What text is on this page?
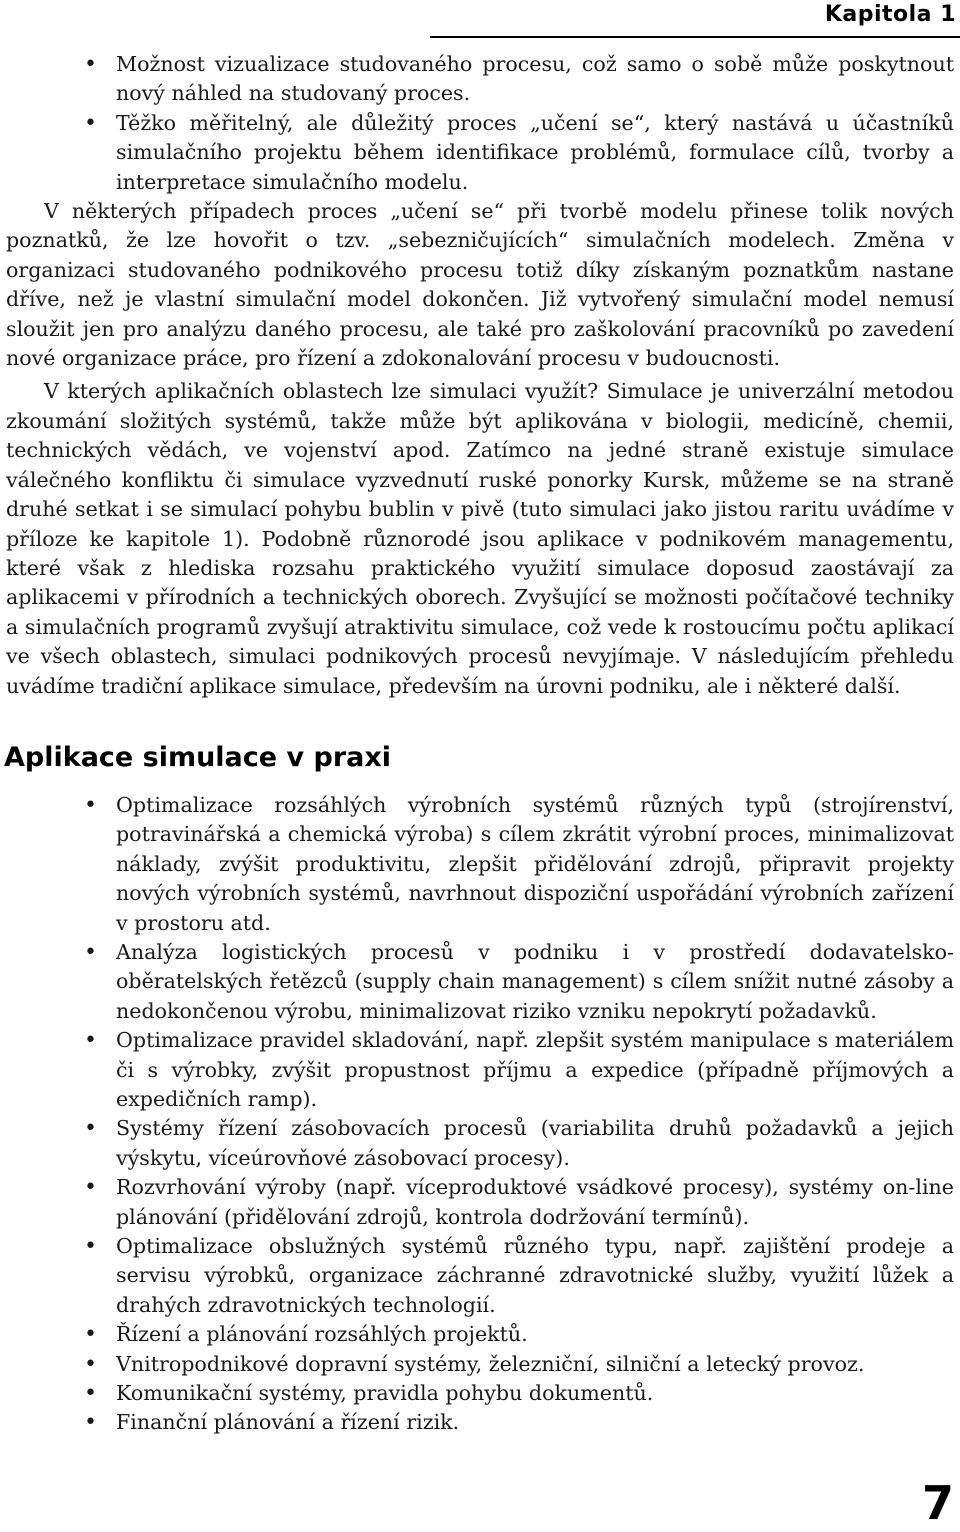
Kapitola 1
• Možnost vizualizace studovaného procesu, což samo o sobě může poskytnout nový náhled na studovaný proces.
• Těžko měřitelný, ale důležitý proces „učení se“, který nastává u účastníků simulačního projektu během identifikace problémů, formulace cílů, tvorby a interpretace simulačního modelu.

V některých případech proces „učení se“ při tvorbě modelu přinese tolik nových poznatků, že lze hovořit o tzv. „sebezničujících“ simulačních modelech. Změna v organizaci studovaného podnikového procesu totiž díky získaným poznatkům nastane dříve, než je vlastní simulační model dokončen. Již vytvořený simulační model nemusí sloužit jen pro analýzu daného procesu, ale také pro zaškolování pracovníků po zavedení nové organizace práce, pro řízení a zdokonalování procesu v budoucnosti.

V kterých aplikačních oblastech lze simulaci využít? Simulace je univerzální metodou zkoumání složitých systémů, takže může být aplikována v biologii, medicíně, chemii, technických vědách, ve vojenství apod. Zatímco na jedné straně existuje simulace válečného konfliktu či simulace vyzvednutí ruské ponorky Kursk, můžeme se na straně druhé setkat i se simulací pohybu bublin v pivě (tuto simulaci jako jistou raritu uvádíme v příloze ke kapitole 1). Podobně různorodé jsou aplikace v podnikovém managementu, které však z hlediska rozsahu praktického využití simulace doposud zaostávají za aplikacemi v přírodních a technických oborech. Zvyšující se možnosti počítačové techniky a simulačních programů zvyšují atraktivitu simulace, což vede k rostoucímu počtu aplikací ve všech oblastech, simulaci podnikových procesů nevyjímaje. V následujícím přehledu uvádíme tradiční aplikace simulace, především na úrovni podniku, ale i některé další.

Aplikace simulace v praxi
• Optimalizace rozsáhlých výrobních systémů různých typů (strojírenství, potravinářská a chemická výroba) s cílem zkrátit výrobní proces, minimalizovat náklady, zvýšit produktivitu, zlepšit přidělování zdrojů, připravit projekty nových výrobních systémů, navrhnout dispoziční uspořádání výrobních zařízení v prostoru atd.
• Analýza logistických procesů v podniku i v prostředí dodavatelsko-oběratelských řetězců (supply chain management) s cílem snížit nutné zásoby a nedokončenou výrobu, minimalizovat riziko vzniku nepokrytí požadavků.
• Optimalizace pravidel skladování, např. zlepšit systém manipulace s materiálem či s výrobky, zvýšit propustnost příjmu a expedice (případně příjmových a expedičních ramp).
• Systémy řízení zásobovacích procesů (variabilita druhů požadavků a jejich výskytu, víceúrovňové zásobovací procesy).
• Rozvrhování výroby (např. víceproduktové vsádkové procesy), systémy on-line plánování (přidělování zdrojů, kontrola dodržování termínů).
• Optimalizace obslužných systémů různého typu, např. zajištění prodeje a servisu výrobků, organizace záchranné zdravotnické služby, využití lůžek a drahých zdravotnických technologií.
• Řízení a plánování rozsáhlých projektů.
• Vnitropodnikové dopravní systémy, železniční, silniční a letecký provoz.
• Komunikační systémy, pravidla pohybu dokumentů.
• Finanční plánování a řízení rizik.
7
